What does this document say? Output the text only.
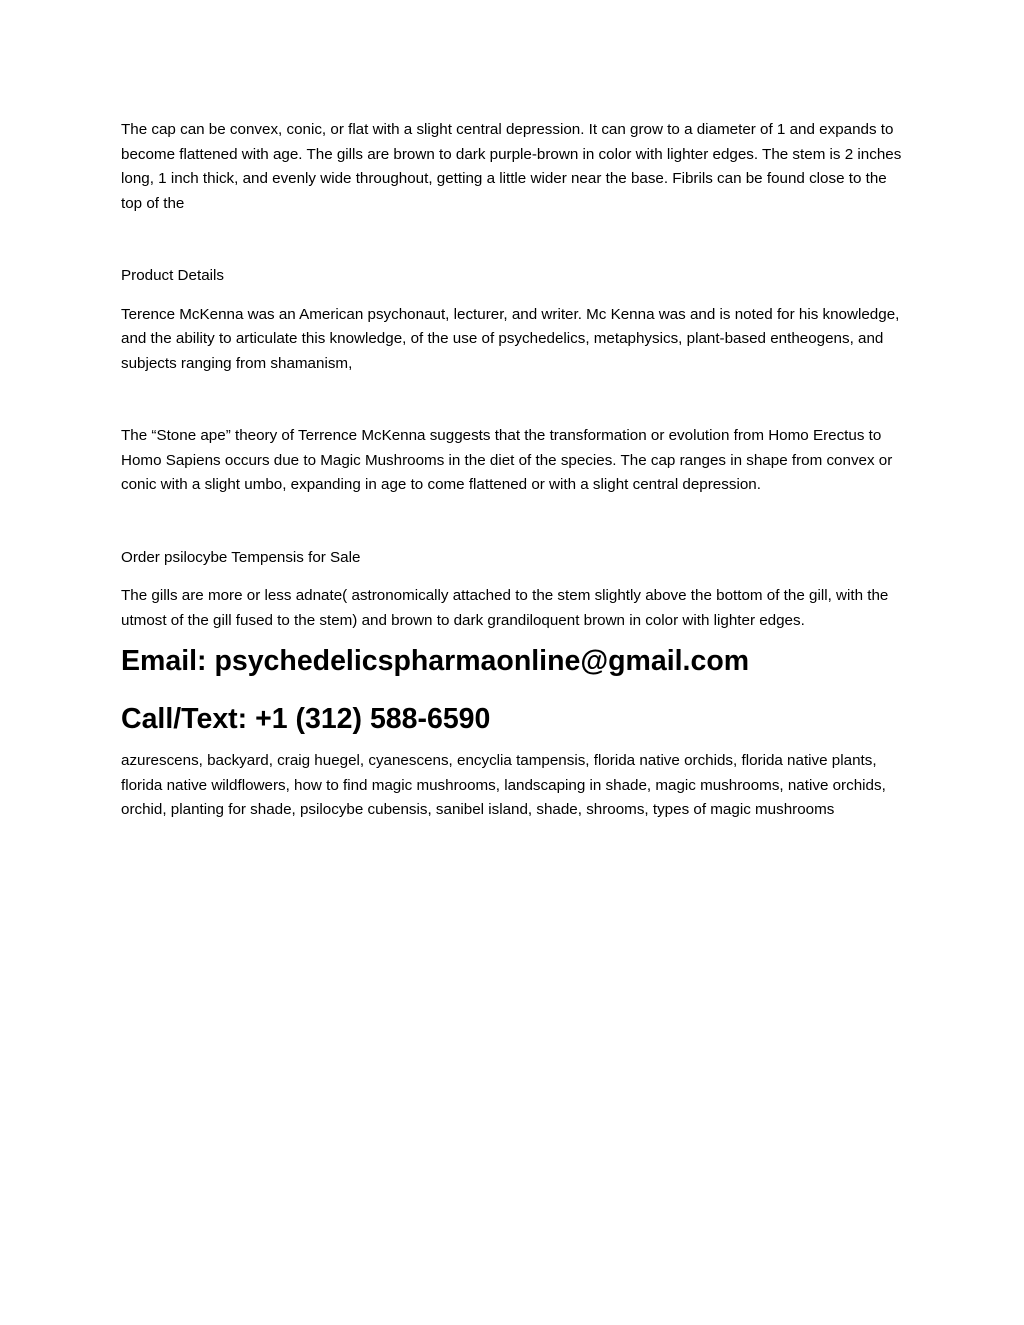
The cap can be convex, conic, or flat with a slight central depression. It can grow to a diameter of 1 and expands to become flattened with age. The gills are brown to dark purple-brown in color with lighter edges. The stem is 2 inches long, 1 inch thick, and evenly wide throughout, getting a little wider near the base. Fibrils can be found close to the top of the

Product Details

Terence McKenna was an American psychonaut, lecturer, and writer. Mc Kenna was and is noted for his knowledge, and the ability to articulate this knowledge, of the use of psychedelics, metaphysics, plant-based entheogens, and subjects ranging from shamanism,

The “Stone ape” theory of Terrence McKenna suggests that the transformation or evolution from Homo Erectus to Homo Sapiens occurs due to Magic Mushrooms in the diet of the species. The cap ranges in shape from convex or conic with a slight umbo, expanding in age to come flattened or with a slight central depression.

Order psilocybe Tempensis for Sale

The gills are more or less adnate( astronomically attached to the stem slightly above the bottom of the gill, with the utmost of the gill fused to the stem) and brown to dark grandiloquent brown in color with lighter edges.

Email: psychedelicspharmaonline@gmail.com

Call/Text: +1 (312) 588-6590

azurescens, backyard, craig huegel, cyanescens, encyclia tampensis, florida native orchids, florida native plants, florida native wildflowers, how to find magic mushrooms, landscaping in shade, magic mushrooms, native orchids, orchid, planting for shade, psilocybe cubensis, sanibel island, shade, shrooms, types of magic mushrooms
